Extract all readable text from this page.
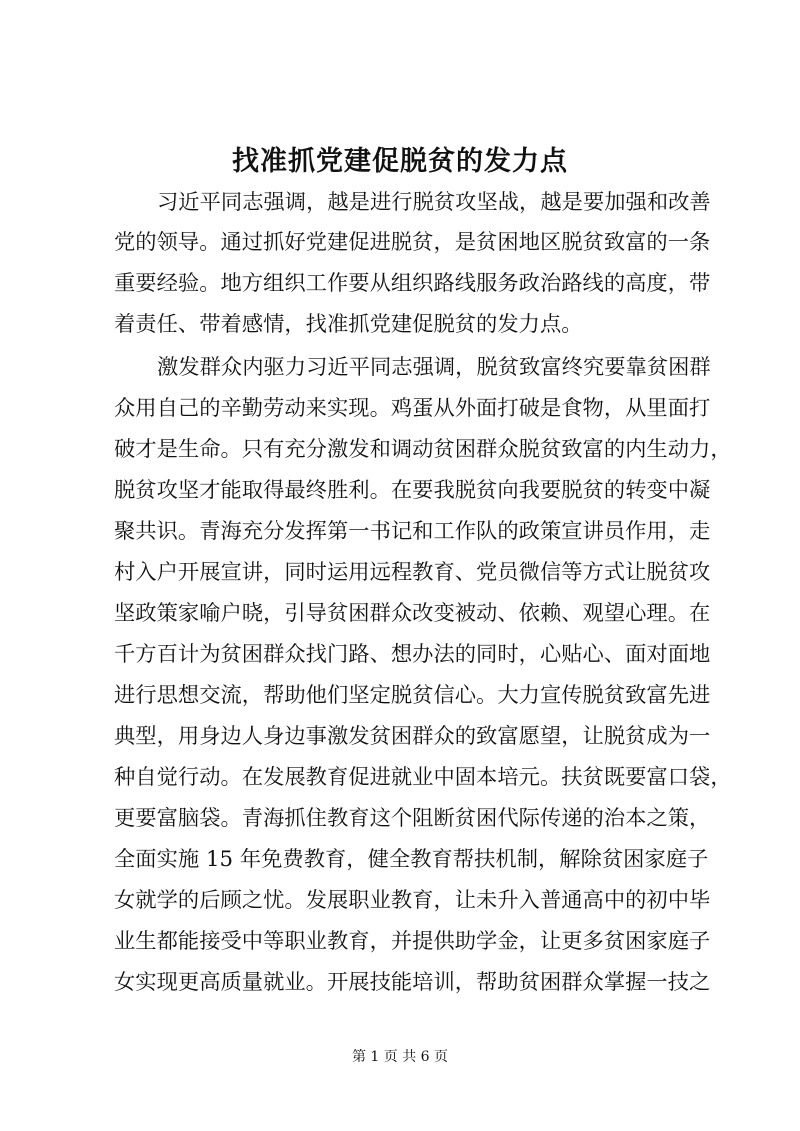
找准抓党建促脱贫的发力点
习近平同志强调，越是进行脱贫攻坚战，越是要加强和改善
党的领导。通过抓好党建促进脱贫，是贫困地区脱贫致富的一条
重要经验。地方组织工作要从组织路线服务政治路线的高度，带
着责任、带着感情，找准抓党建促脱贫的发力点。
激发群众内驱力习近平同志强调，脱贫致富终究要靠贫困群
众用自己的辛勤劳动来实现。鸡蛋从外面打破是食物，从里面打
破才是生命。只有充分激发和调动贫困群众脱贫致富的内生动力，
脱贫攻坚才能取得最终胜利。在要我脱贫向我要脱贫的转变中凝
聚共识。青海充分发挥第一书记和工作队的政策宣讲员作用，走
村入户开展宣讲，同时运用远程教育、党员微信等方式让脱贫攻
坚政策家喻户晓，引导贫困群众改变被动、依赖、观望心理。在
千方百计为贫困群众找门路、想办法的同时，心贴心、面对面地
进行思想交流，帮助他们坚定脱贫信心。大力宣传脱贫致富先进
典型，用身边人身边事激发贫困群众的致富愿望，让脱贫成为一
种自觉行动。在发展教育促进就业中固本培元。扶贫既要富口袋，
更要富脑袋。青海抓住教育这个阻断贫困代际传递的治本之策，
全面实施 15 年免费教育，健全教育帮扶机制，解除贫困家庭子
女就学的后顾之忧。发展职业教育，让未升入普通高中的初中毕
业生都能接受中等职业教育，并提供助学金，让更多贫困家庭子
女实现更高质量就业。开展技能培训，帮助贫困群众掌握一技之
第 1 页 共 6 页
